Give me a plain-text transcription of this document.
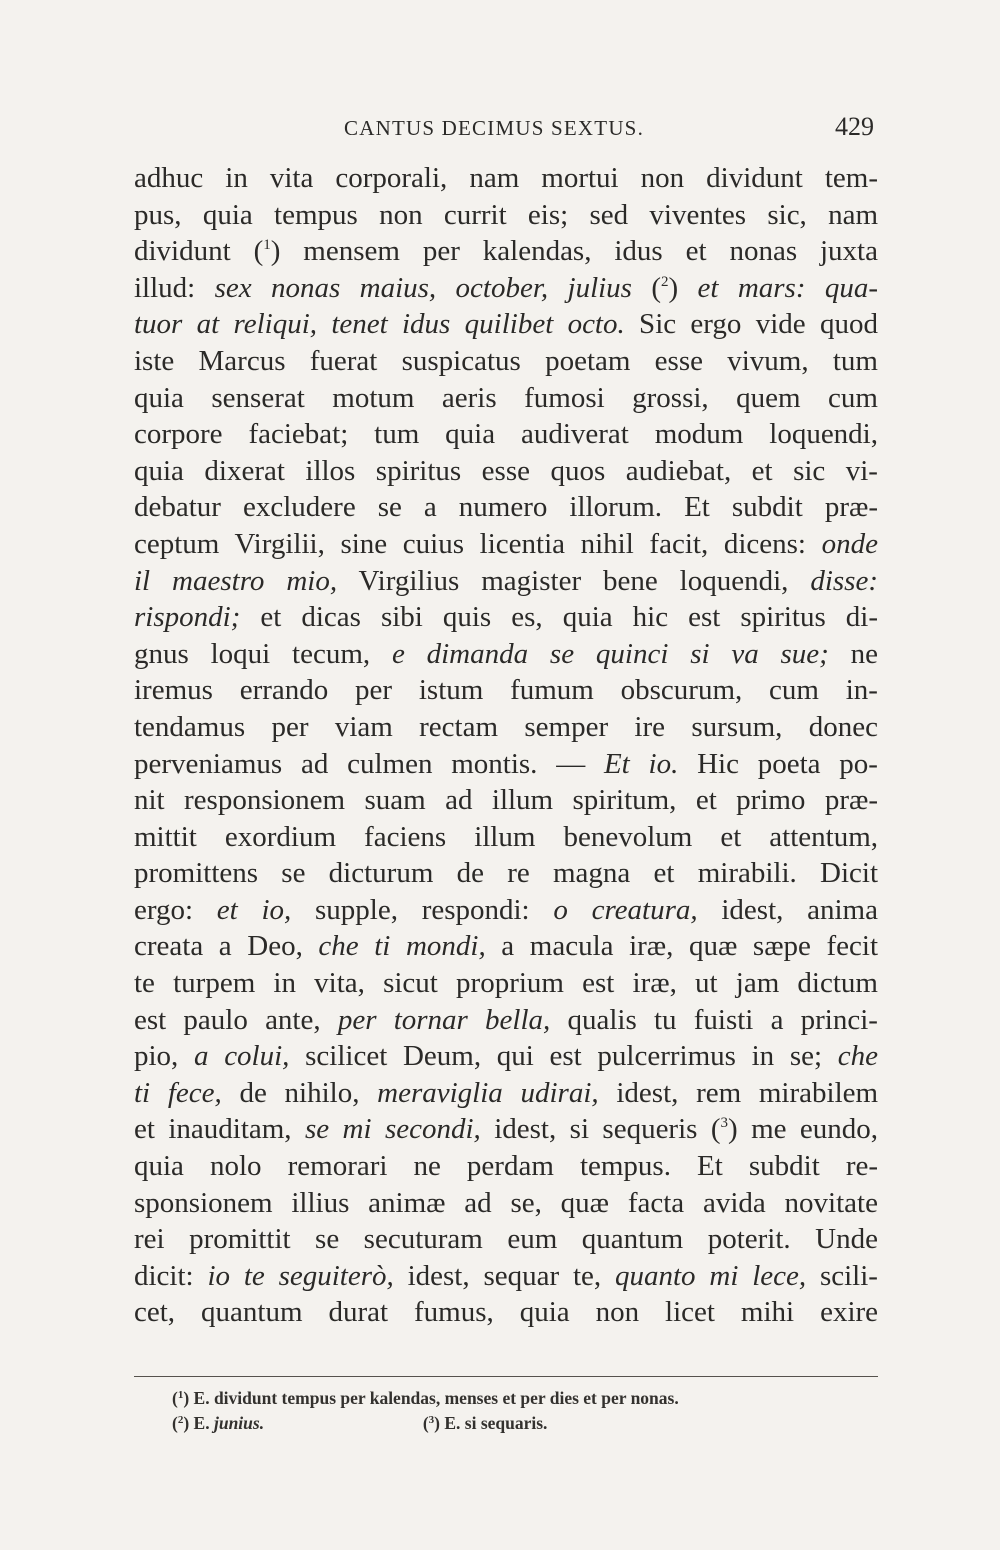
CANTUS DECIMUS SEXTUS.	429
adhuc in vita corporali, nam mortui non dividunt tem-
pus, quia tempus non currit eis; sed viventes sic, nam
dividunt ($^1$) mensem per kalendas, idus et nonas juxta
illud: sex nonas maius, october, julius ($^2$) et mars: qua-
tuor at reliqui, tenet idus quilibet octo. Sic ergo vide quod
iste Marcus fuerat suspicatus poetam esse vivum, tum
quia senserat motum aeris fumosi grossi, quem cum
corpore faciebat; tum quia audiverat modum loquendi,
quia dixerat illos spiritus esse quos audiebat, et sic vi-
debatur excludere se a numero illorum. Et subdit præ-
ceptum Virgilii, sine cuius licentia nihil facit, dicens: onde
il maestro mio, Virgilius magister bene loquendi, disse:
rispondi; et dicas sibi quis es, quia hic est spiritus di-
gnus loqui tecum, e dimanda se quinci si va sue; ne
iremus errando per istum fumum obscurum, cum in-
tendamus per viam rectam semper ire sursum, donec
perveniamus ad culmen montis. — Et io. Hic poeta po-
nit responsionem suam ad illum spiritum, et primo præ-
mittit exordium faciens illum benevolum et attentum,
promittens se dicturum de re magna et mirabili. Dicit
ergo: et io, supple, respondi: o creatura, idest, anima
creata a Deo, che ti mondi, a macula iræ, quæ sæpe fecit
te turpem in vita, sicut proprium est iræ, ut jam dictum
est paulo ante, per tornar bella, qualis tu fuisti a princi-
pio, a colui, scilicet Deum, qui est pulcerrimus in se; che
ti fece, de nihilo, meraviglia udirai, idest, rem mirabilem
et inauditam, se mi secondi, idest, si sequeris ($^3$) me eundo,
quia nolo remorari ne perdam tempus. Et subdit re-
sponsionem illius animæ ad se, quæ facta avida novitate
rei promittit se secuturam eum quantum poterit. Unde
dicit: io te seguiterò, idest, sequar te, quanto mi lece, scili-
cet, quantum durat fumus, quia non licet mihi exire
($^1$) E. dividunt tempus per kalendas, menses et per dies et per nonas.
($^2$) E. junius.	($^3$) E. si sequaris.
